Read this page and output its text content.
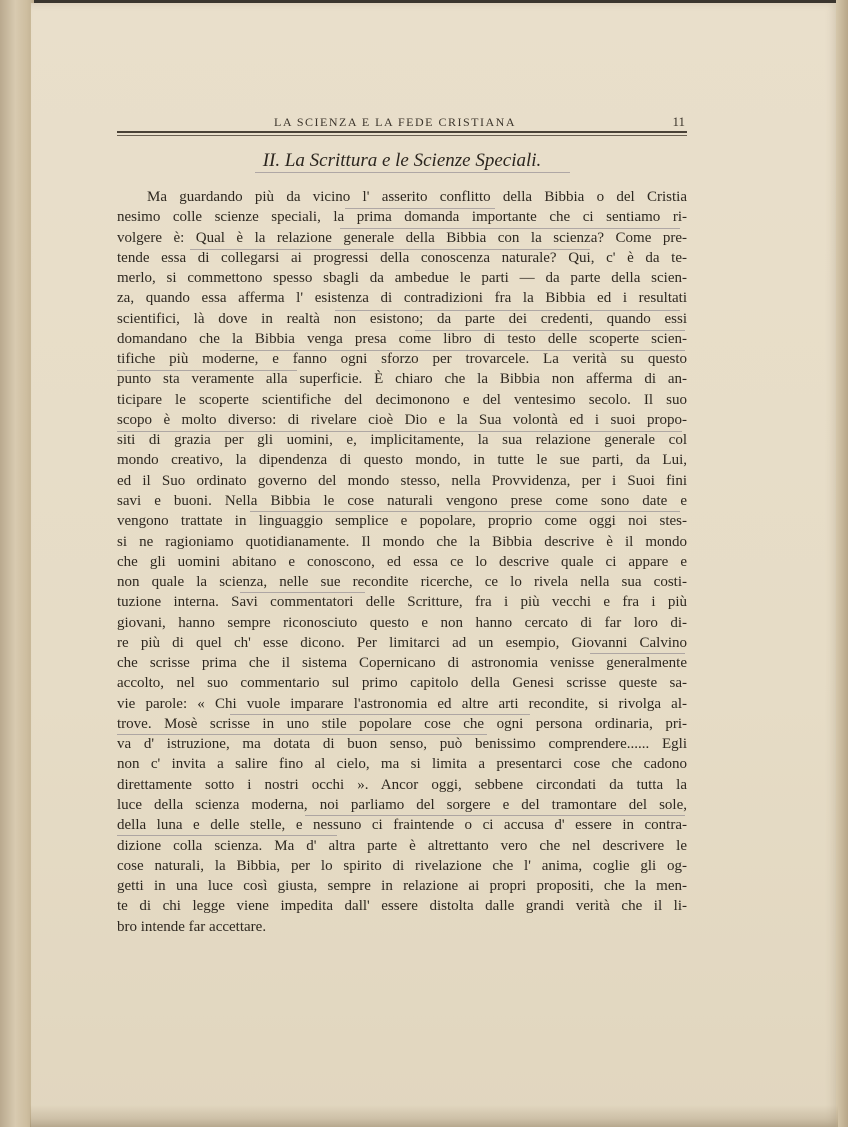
LA SCIENZA E LA FEDE CRISTIANA	11
II. La Scrittura e le Scienze Speciali.
Ma guardando più da vicino l' asserito conflitto della Bibbia o del Cristia
nesimo colle scienze speciali, la prima domanda importante che ci sentiamo ri-
volgere è: Qual è la relazione generale della Bibbia con la scienza? Come pre-
tende essa di collegarsi ai progressi della conoscenza naturale? Qui, c' è da te-
merlo, si commettono spesso sbagli da ambedue le parti — da parte della scien-
za, quando essa afferma l' esistenza di contradizioni fra la Bibbia ed i resultati
scientifici, là dove in realtà non esistono; da parte dei credenti, quando essi
domandano che la Bibbia venga presa come libro di testo delle scoperte scien-
tifiche più moderne, e fanno ogni sforzo per trovarcele. La verità su questo
punto sta veramente alla superficie. È chiaro che la Bibbia non afferma di an-
ticipare le scoperte scientifiche del decimonono e del ventesimo secolo. Il suo
scopo è molto diverso: di rivelare cioè Dio e la Sua volontà ed i suoi propo-
siti di grazia per gli uomini, e, implicitamente, la sua relazione generale col
mondo creativo, la dipendenza di questo mondo, in tutte le sue parti, da Lui,
ed il Suo ordinato governo del mondo stesso, nella Provvidenza, per i Suoi fini
savi e buoni. Nella Bibbia le cose naturali vengono prese come sono date e
vengono trattate in linguaggio semplice e popolare, proprio come oggi noi stes-
si ne ragioniamo quotidianamente. Il mondo che la Bibbia descrive è il mondo
che gli uomini abitano e conoscono, ed essa ce lo descrive quale ci appare e
non quale la scienza, nelle sue recondite ricerche, ce lo rivela nella sua costi-
tuzione interna. Savi commentatori delle Scritture, fra i più vecchi e fra i più
giovani, hanno sempre riconosciuto questo e non hanno cercato di far loro di-
re più di quel ch' esse dicono. Per limitarci ad un esempio, Giovanni Calvino
che scrisse prima che il sistema Copernicano di astronomia venisse generalmente
accolto, nel suo commentario sul primo capitolo della Genesi scrisse queste sa-
vie parole: « Chi vuole imparare l'astronomia ed altre arti recondite, si rivolga al-
trove. Mosè scrisse in uno stile popolare cose che ogni persona ordinaria, pri-
va d' istruzione, ma dotata di buon senso, può benissimo comprendere...... Egli
non c' invita a salire fino al cielo, ma si limita a presentarci cose che cadono
direttamente sotto i nostri occhi ». Ancor oggi, sebbene circondati da tutta la
luce della scienza moderna, noi parliamo del sorgere e del tramontare del sole,
della luna e delle stelle, e nessuno ci fraintende o ci accusa d' essere in contra-
dizione colla scienza. Ma d' altra parte è altrettanto vero che nel descrivere le
cose naturali, la Bibbia, per lo spirito di rivelazione che l' anima, coglie gli og-
getti in una luce così giusta, sempre in relazione ai propri propositi, che la men-
te di chi legge viene impedita dall' essere distolta dalle grandi verità che il li-
bro intende far accettare.
